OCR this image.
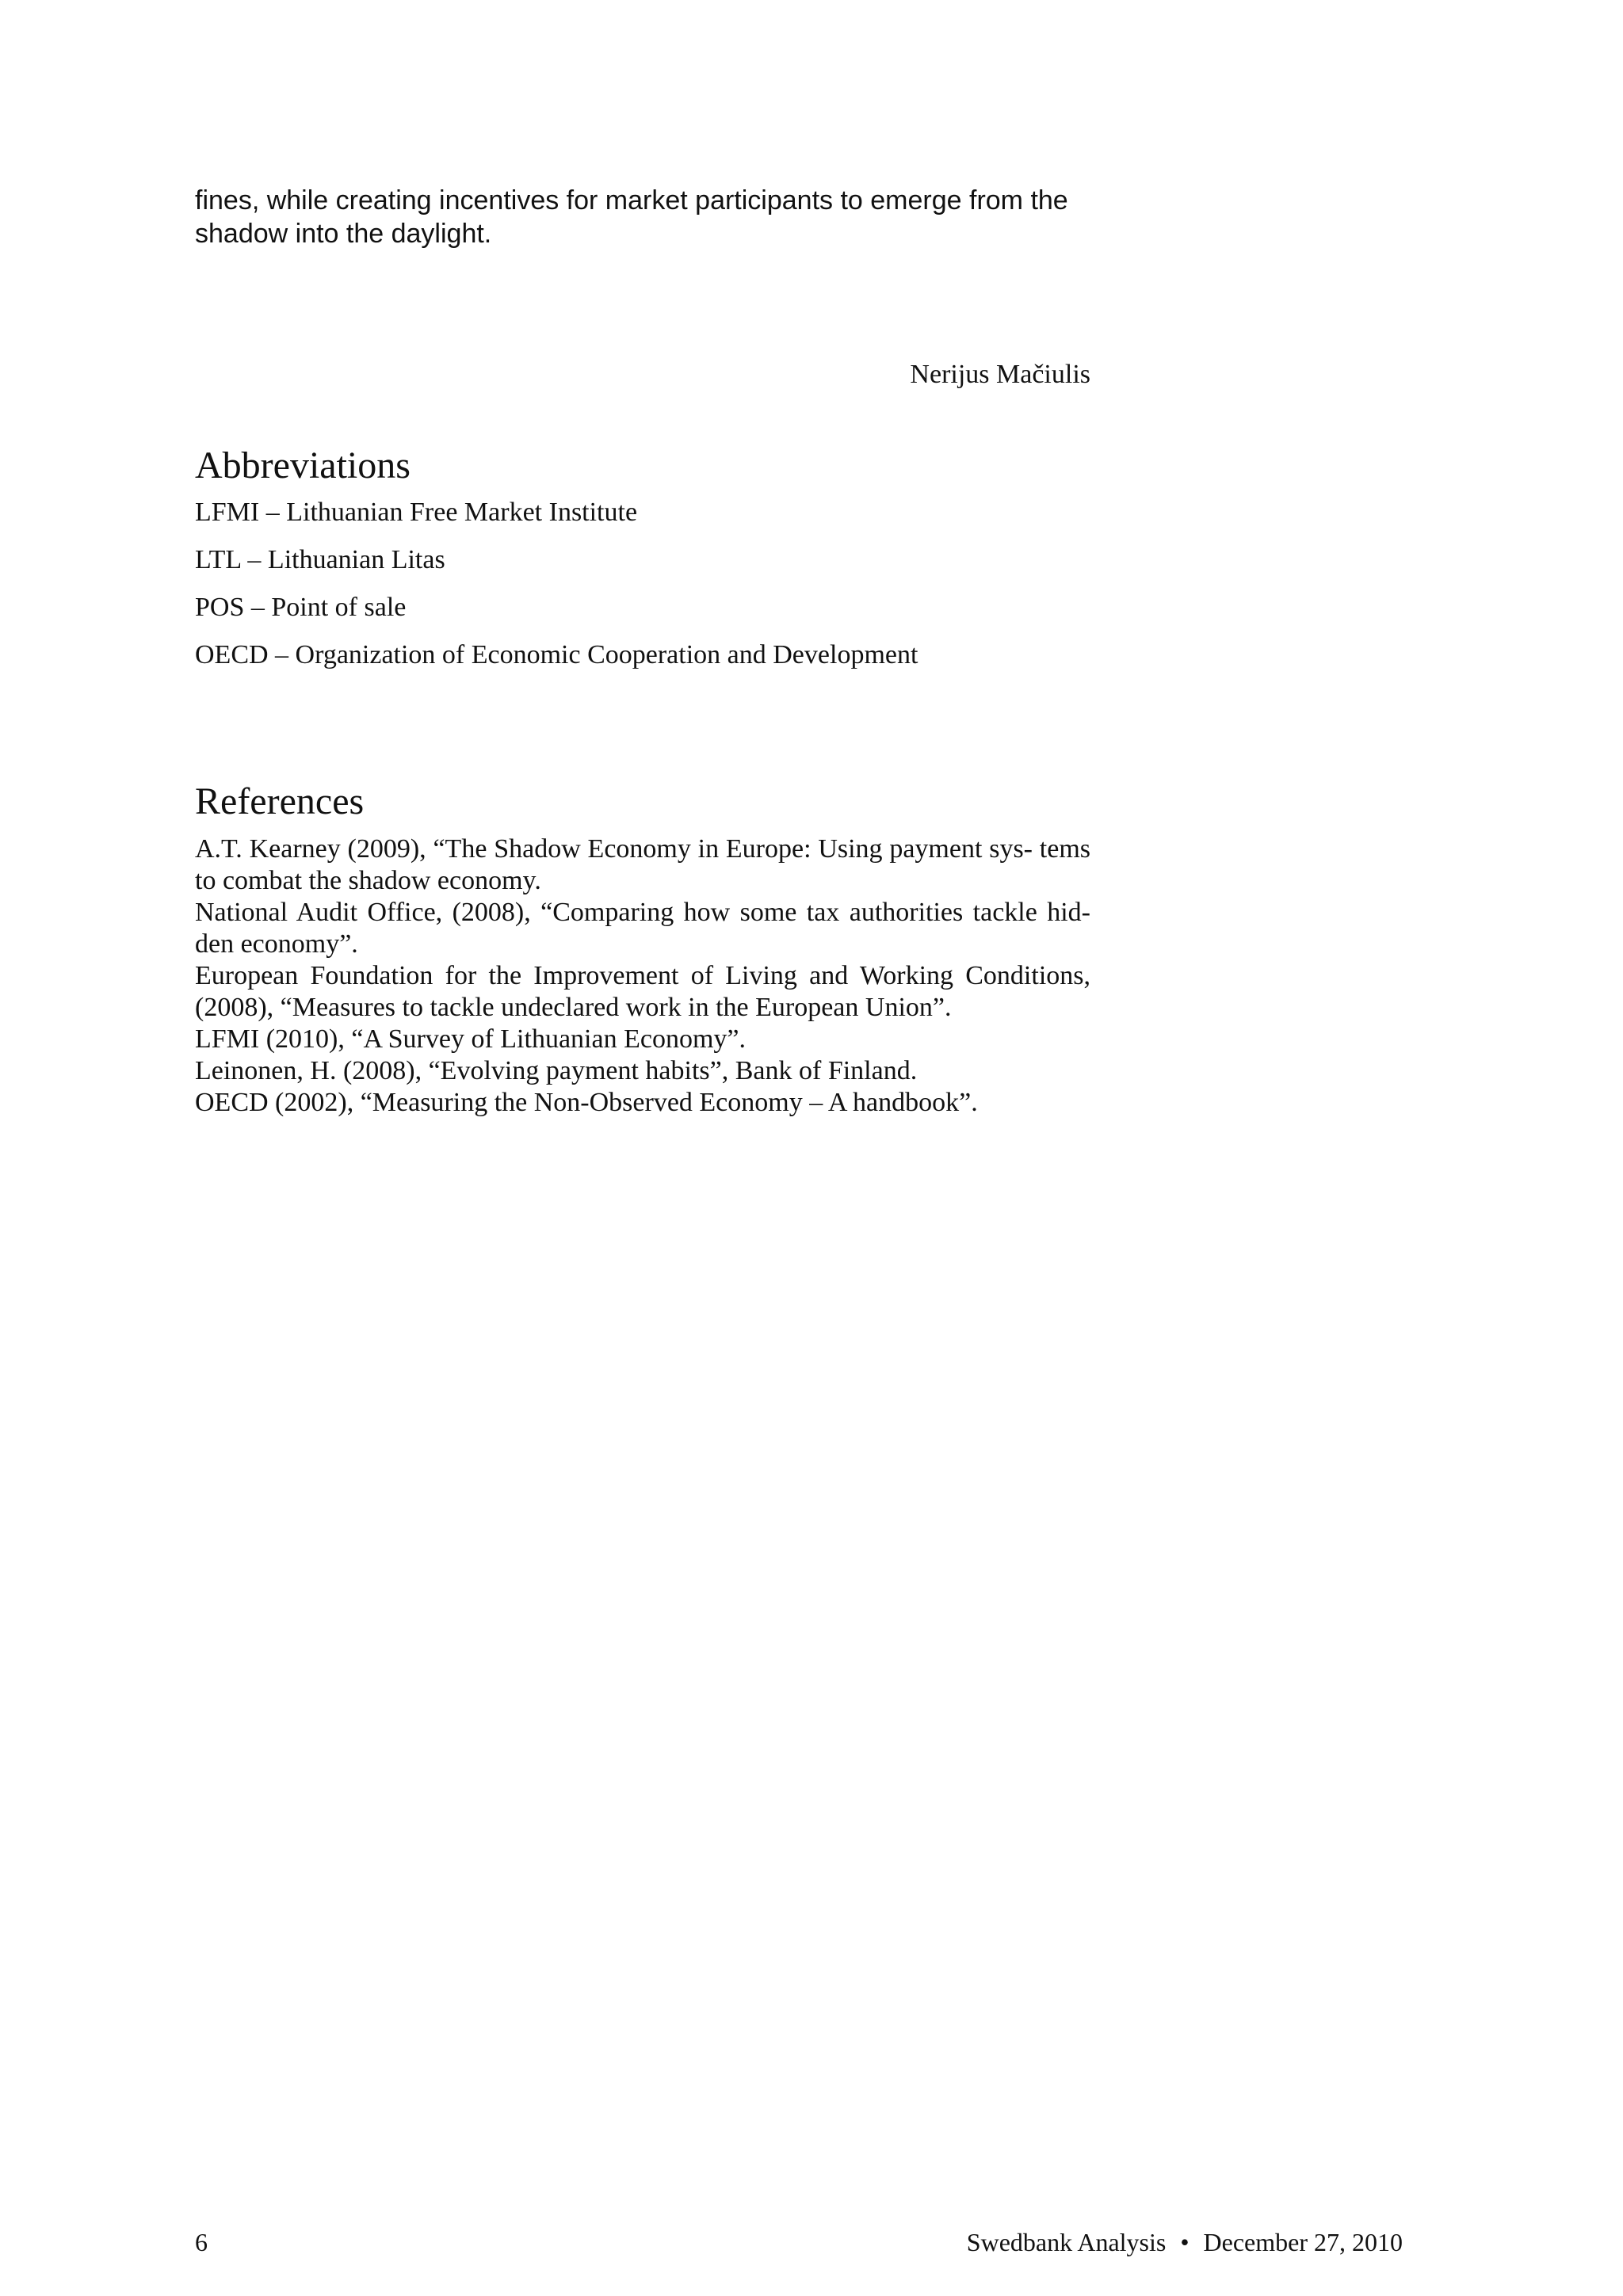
fines, while creating incentives for market participants to emerge from the shadow into the daylight.

Nerijus Mačiulis
Abbreviations
LFMI – Lithuanian Free Market Institute
LTL – Lithuanian Litas
POS – Point of sale
OECD – Organization of Economic Cooperation and Development
References
A.T. Kearney (2009), “The Shadow Economy in Europe: Using payment sys- tems to combat the shadow economy.
National Audit Office, (2008), “Comparing how some tax authorities tackle hid- den economy”.
European Foundation for the Improvement of Living and Working Conditions, (2008), “Measures to tackle undeclared work in the European Union”.
LFMI (2010), “A Survey of Lithuanian Economy”.
Leinonen, H. (2008), “Evolving payment habits”, Bank of Finland.
OECD (2002), “Measuring the Non-Observed Economy – A handbook”.
6	Swedbank Analysis • December 27, 2010
